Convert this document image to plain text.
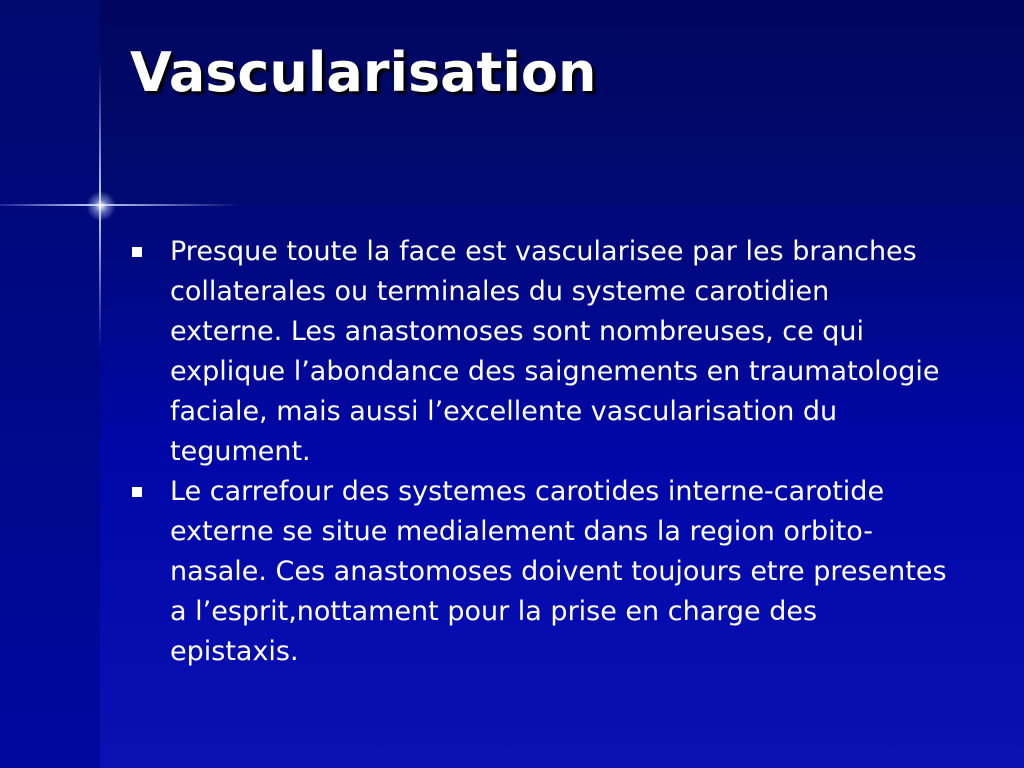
Vascularisation
Presque toute la face est vascularisee par les branches collaterales ou terminales du systeme carotidien externe. Les anastomoses sont nombreuses, ce qui explique l’abondance des saignements en traumatologie faciale, mais aussi l’excellente vascularisation du tegument.
Le carrefour des systemes carotides interne-carotide externe se situe medialement dans la region orbito-nasale. Ces anastomoses doivent toujours etre presentes a l’esprit,nottament pour la prise en charge des epistaxis.
